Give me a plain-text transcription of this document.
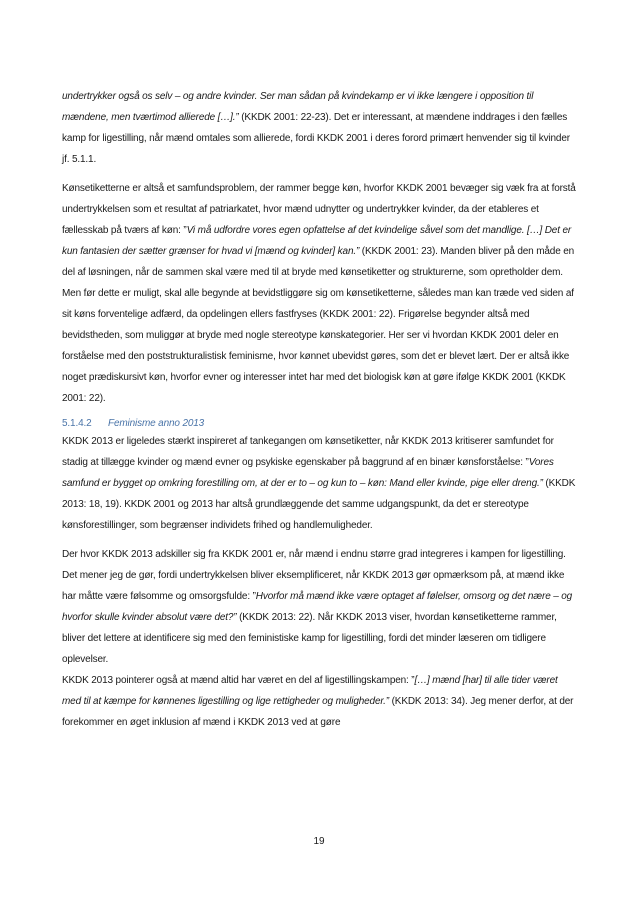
undertrykker også os selv – og andre kvinder. Ser man sådan på kvindekamp er vi ikke længere i opposition til mændene, men tværtimod allierede […].” (KKDK 2001: 22-23). Det er interessant, at mændene inddrages i den fælles kamp for ligestilling, når mænd omtales som allierede, fordi KKDK 2001 i deres forord primært henvender sig til kvinder jf. 5.1.1.

Kønsetiketterne er altså et samfundsproblem, der rammer begge køn, hvorfor KKDK 2001 bevæger sig væk fra at forstå undertrykkelsen som et resultat af patriarkatet, hvor mænd udnytter og undertrykker kvinder, da der etableres et fællesskab på tværs af køn: ”Vi må udfordre vores egen opfattelse af det kvindelige såvel som det mandlige. […] Det er kun fantasien der sætter grænser for hvad vi [mænd og kvinder] kan.” (KKDK 2001: 23). Manden bliver på den måde en del af løsningen, når de sammen skal være med til at bryde med kønsetiketter og strukturerne, som opretholder dem. Men før dette er muligt, skal alle begynde at bevidstliggøre sig om kønsetiketterne, således man kan træde ved siden af sit køns forventelige adfærd, da opdelingen ellers fastfryses (KKDK 2001: 22). Frigørelse begynder altså med bevidstheden, som muliggør at bryde med nogle stereotype kønskategorier. Her ser vi hvordan KKDK 2001 deler en forståelse med den poststrukturalistisk feminisme, hvor kønnet ubevidst gøres, som det er blevet lært. Der er altså ikke noget prædiskursivt køn, hvorfor evner og interesser intet har med det biologisk køn at gøre ifølge KKDK 2001 (KKDK 2001: 22).

5.1.4.2 Feminisme anno 2013

KKDK 2013 er ligeledes stærkt inspireret af tankegangen om kønsetiketter, når KKDK 2013 kritiserer samfundet for stadig at tillægge kvinder og mænd evner og psykiske egenskaber på baggrund af en binær kønsforståelse: ”Vores samfund er bygget op omkring forestilling om, at der er to – og kun to – køn: Mand eller kvinde, pige eller dreng.” (KKDK 2013: 18, 19). KKDK 2001 og 2013 har altså grundlæggende det samme udgangspunkt, da det er stereotype kønsforestillinger, som begrænser individets frihed og handlemuligheder.

Der hvor KKDK 2013 adskiller sig fra KKDK 2001 er, når mænd i endnu større grad integreres i kampen for ligestilling. Det mener jeg de gør, fordi undertrykkelsen bliver eksemplificeret, når KKDK 2013 gør opmærksom på, at mænd ikke har måtte være følsomme og omsorgsfulde: ”Hvorfor må mænd ikke være optaget af følelser, omsorg og det nære – og hvorfor skulle kvinder absolut være det?” (KKDK 2013: 22). Når KKDK 2013 viser, hvordan kønsetiketterne rammer, bliver det lettere at identificere sig med den feministiske kamp for ligestilling, fordi det minder læseren om tidligere oplevelser.

KKDK 2013 pointerer også at mænd altid har været en del af ligestillingskampen: ”[…] mænd [har] til alle tider været med til at kæmpe for kønnenes ligestilling og lige rettigheder og muligheder.” (KKDK 2013: 34). Jeg mener derfor, at der forekommer en øget inklusion af mænd i KKDK 2013 ved at gøre

19
